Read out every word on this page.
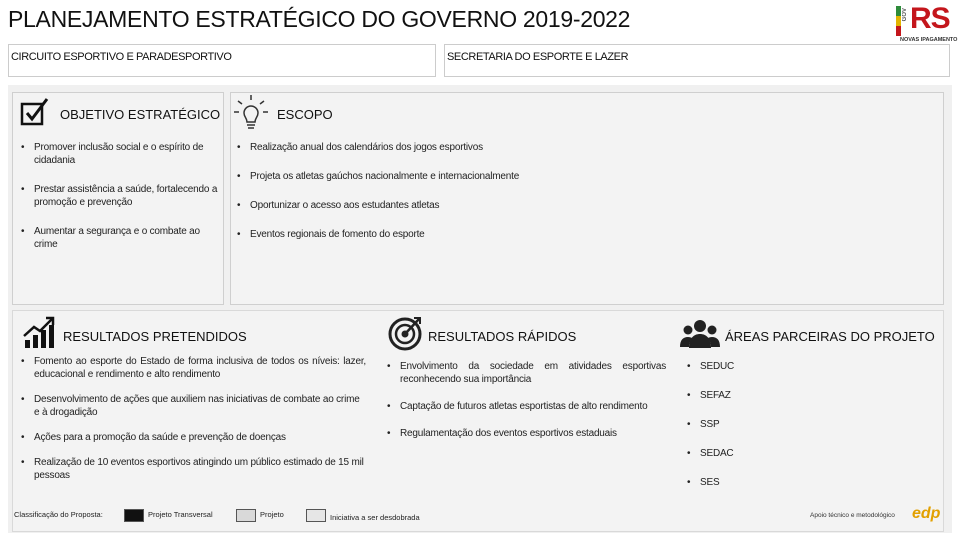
PLANEJAMENTO ESTRATÉGICO DO GOVERNO 2019-2022	GOV RS
NOVAS IPAGAMENTO
CIRCUITO ESPORTIVO E PARADESPORTIVO	SECRETARIA DO ESPORTE E LAZER
OBJETIVO ESTRATÉGICO
• Promover inclusão social e o espírito de cidadania
• Prestar assistência a saúde, fortalecendo a promoção e prevenção
• Aumentar a segurança e o combate ao crime
ESCOPO
• Realização anual dos calendários dos jogos esportivos
• Projeta os atletas gaúchos nacionalmente e internacionalmente
• Oportunizar o acesso aos estudantes atletas
• Eventos regionais de fomento do esporte
RESULTADOS PRETENDIDOS
• Fomento ao esporte do Estado de forma inclusiva de todos os níveis: lazer, educacional e rendimento e alto rendimento
• Desenvolvimento de ações que auxiliem nas iniciativas de combate ao crime e à drogadição
• Ações para a promoção da saúde e prevenção de doenças
• Realização de 10 eventos esportivos atingindo um público estimado de 15 mil pessoas
RESULTADOS RÁPIDOS
• Envolvimento da sociedade em atividades esportivas reconhecendo sua importância
• Captação de futuros atletas esportistas de alto rendimento
• Regulamentação dos eventos esportivos estaduais
ÁREAS PARCEIRAS DO PROJETO
• SEDUC
• SEFAZ
• SSP
• SEDAC
• SES
Classificação do Proposta:	Projeto Transversal	Projeto	Iniciativa a ser desdobrada	Apoio técnico e metodológico edp
